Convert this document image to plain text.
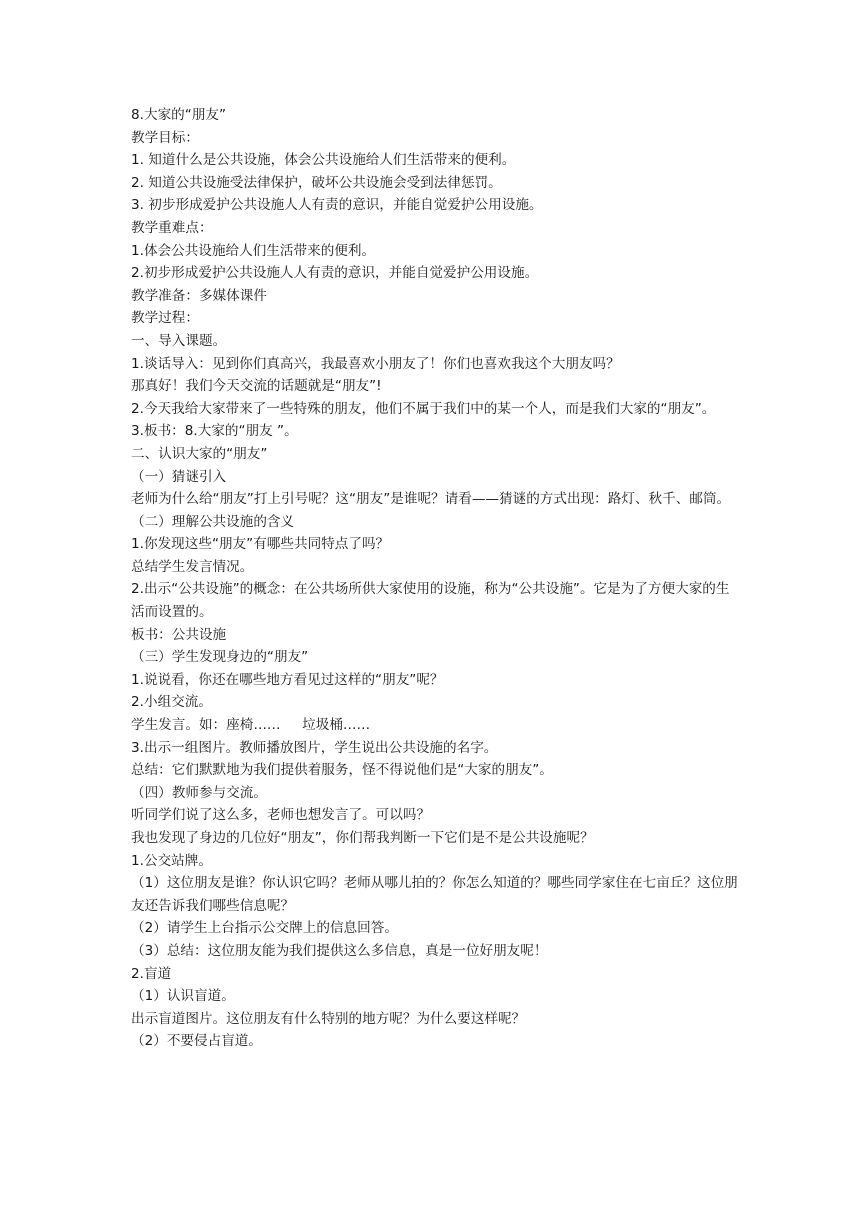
8.大家的“朋友”

教学目标：

1. 知道什么是公共设施，体会公共设施给人们生活带来的便利。

2. 知道公共设施受法律保护，破坏公共设施会受到法律惩罚。

3. 初步形成爱护公共设施人人有责的意识，并能自觉爱护公用设施。

教学重难点：

1.体会公共设施给人们生活带来的便利。

2.初步形成爱护公共设施人人有责的意识，并能自觉爱护公用设施。

教学准备：多媒体课件

教学过程：

一、导入课题。

1.谈话导入：见到你们真高兴，我最喜欢小朋友了！你们也喜欢我这个大朋友吗？

那真好！我们今天交流的话题就是“朋友”!

2.今天我给大家带来了一些特殊的朋友，他们不属于我们中的某一个人，而是我们大家的“朋友”。

3.板书：8.大家的“朋友 ”。

二、认识大家的“朋友”

（一）猜谜引入

老师为什么给“朋友”打上引号呢？这“朋友”是谁呢？请看——猜谜的方式出现：路灯、秋千、邮筒。

（二）理解公共设施的含义

1.你发现这些“朋友”有哪些共同特点了吗？

总结学生发言情况。

2.出示“公共设施”的概念：在公共场所供大家使用的设施，称为“公共设施”。它是为了方便大家的生活而设置的。

板书：公共设施

（三）学生发现身边的“朋友”

1.说说看，你还在哪些地方看见过这样的“朋友”呢？

2.小组交流。

学生发言。如：座椅……     垃圾桶……

3.出示一组图片。教师播放图片，学生说出公共设施的名字。

总结：它们默默地为我们提供着服务，怪不得说他们是“大家的朋友”。

（四）教师参与交流。

听同学们说了这么多，老师也想发言了。可以吗？

我也发现了身边的几位好“朋友”，你们帮我判断一下它们是不是公共设施呢？

1.公交站牌。

（1）这位朋友是谁？你认识它吗？老师从哪儿拍的？你怎么知道的？哪些同学家住在七亩丘？这位朋友还告诉我们哪些信息呢？

（2）请学生上台指示公交牌上的信息回答。

（3）总结：这位朋友能为我们提供这么多信息，真是一位好朋友呢！

2.盲道

（1）认识盲道。

出示盲道图片。这位朋友有什么特别的地方呢？为什么要这样呢？

（2）不要侵占盲道。
